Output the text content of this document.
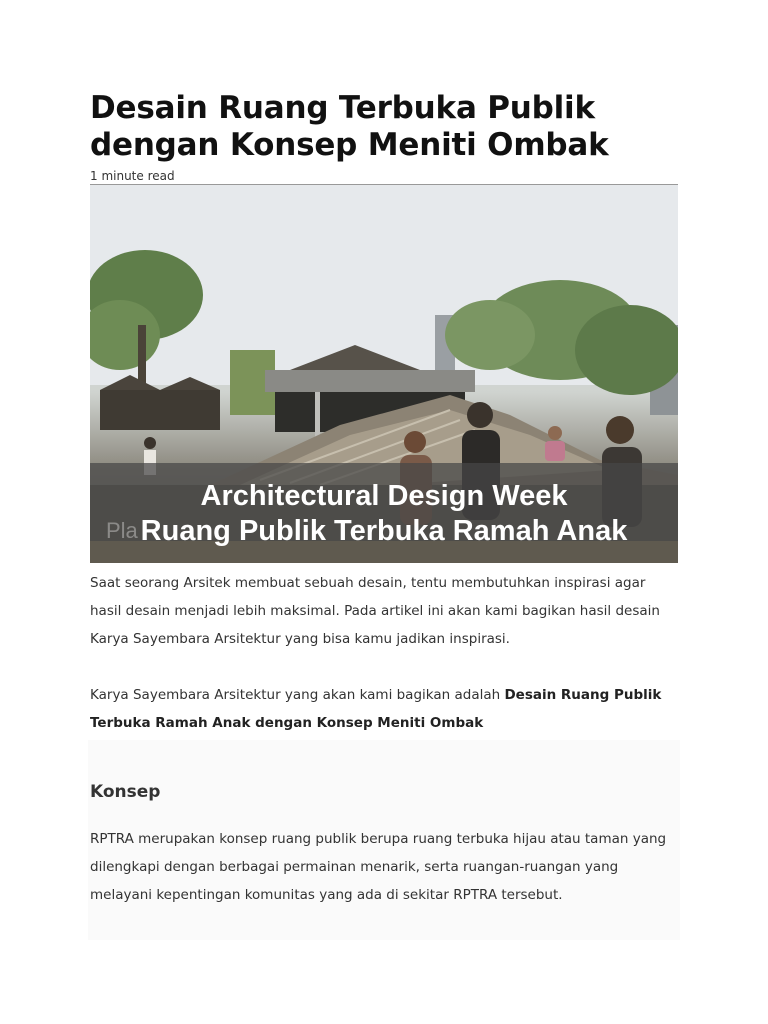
Desain Ruang Terbuka Publik dengan Konsep Meniti Ombak
1 minute read
Pla
Architectural Design Week
Ruang Publik Terbuka Ramah Anak

Saat seorang Arsitek membuat sebuah desain, tentu membutuhkan inspirasi agar hasil desain menjadi lebih maksimal. Pada artikel ini akan kami bagikan hasil desain Karya Sayembara Arsitektur yang bisa kamu jadikan inspirasi.

Karya Sayembara Arsitektur yang akan kami bagikan adalah Desain Ruang Publik Terbuka Ramah Anak dengan Konsep Meniti Ombak

Konsep

RPTRA merupakan konsep ruang publik berupa ruang terbuka hijau atau taman yang dilengkapi dengan berbagai permainan menarik, serta ruangan-ruangan yang melayani kepentingan komunitas yang ada di sekitar RPTRA tersebut.
